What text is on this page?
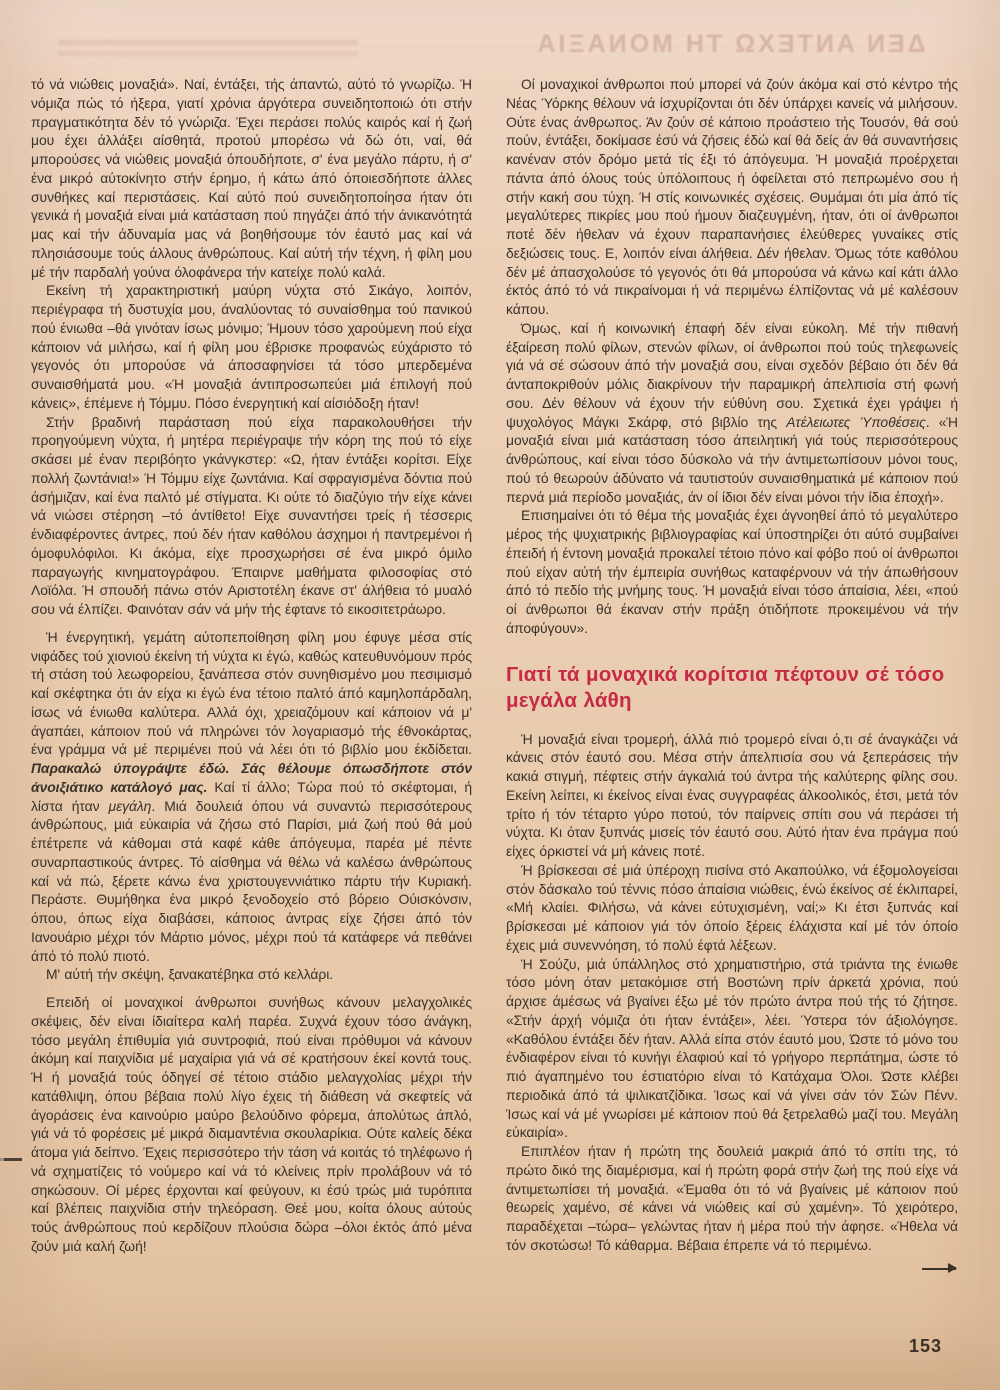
ΔΕΝ ΑΝΤΕΧΩ ΤΗ ΜΟΝΑΞΙΑ

τό νά νιώθεις μοναξιά». Ναί, έντάξει, τής άπαντώ, αύτό τό γνωρίζω. Ή νόμιζα πώς τό ήξερα, γιατί χρόνια άργότερα συνειδητοποιώ ότι στήν πραγματικότητα δέν τό γνώριζα. Έχει περάσει πολύς καιρός καί ή ζωή μου έχει άλλάξει αίσθητά, προτού μπορέσω νά δώ ότι, ναί, θά μπορούσες νά νιώθεις μοναξιά όπουδήποτε, σ' ένα μεγάλο πάρτυ, ή σ' ένα μικρό αύτοκίνητο στήν έρημο, ή κάτω άπό όποιεσδήποτε άλλες συνθήκες καί περιστάσεις. Καί αύτό πού συνειδητοποίησα ήταν ότι γενικά ή μοναξιά είναι μιά κατάσταση πού πηγάζει άπό τήν άνικανότητά μας καί τήν άδυναμία μας νά βοηθήσουμε τόν έαυτό μας καί νά πλησιάσουμε τούς άλλους άνθρώπους. Καί αύτή τήν τέχνη, ή φίλη μου μέ τήν παρδαλή γούνα όλοφάνερα τήν κατείχε πολύ καλά.

Εκείνη τή χαρακτηριστική μαύρη νύχτα στό Σικάγο, λοιπόν, περιέγραφα τή δυστυχία μου, άναλύοντας τό συναίσθημα τού πανικού πού ένιωθα –θά γινόταν ίσως μόνιμο; Ήμουν τόσο χαρούμενη πού είχα κάποιον νά μιλήσω, καί ή φίλη μου έβρισκε προφανώς εύχάριστο τό γεγονός ότι μπορούσε νά άποσαφηνίσει τά τόσο μπερδεμένα συναισθήματά μου. «Ή μοναξιά άντιπροσωπεύει μιά έπιλογή πού κάνεις», έπέμενε ή Τόμμυ. Πόσο ένεργητική καί αίσιόδοξη ήταν!

Στήν βραδινή παράσταση πού είχα παρακολουθήσει τήν προηγούμενη νύχτα, ή μητέρα περιέγραψε τήν κόρη της πού τό είχε σκάσει μέ έναν περιβόητο γκάνγκστερ: «Ω, ήταν έντάξει κορίτσι. Είχε πολλή ζωντάνια!» Ή Τόμμυ είχε ζωντάνια. Καί σφραγισμένα δόντια πού άσήμιζαν, καί ένα παλτό μέ στίγματα. Κι ούτε τό διαζύγιο τήν είχε κάνει νά νιώσει στέρηση –τό άντίθετο! Είχε συναντήσει τρείς ή τέσσερις ένδιαφέροντες άντρες, πού δέν ήταν καθόλου άσχημοι ή παντρεμένοι ή όμοφυλόφιλοι. Κι άκόμα, είχε προσχωρήσει σέ ένα μικρό όμιλο παραγωγής κινηματογράφου. Έπαιρνε μαθήματα φιλοσοφίας στό Λοϊόλα. Ή σπουδή πάνω στόν Αριστοτέλη έκανε στ' άλήθεια τό μυαλό σου νά έλπίζει. Φαινόταν σάν νά μήν τής έφτανε τό εικοσιτετράωρο.

Ή ένεργητική, γεμάτη αύτοπεποίθηση φίλη μου έφυγε μέσα στίς νιφάδες τού χιονιού έκείνη τή νύχτα κι έγώ, καθώς κατευθυνόμουν πρός τή στάση τού λεωφορείου, ξανάπεσα στόν συνηθισμένο μου πεσιμισμό καί σκέφτηκα ότι άν είχα κι έγώ ένα τέτοιο παλτό άπό καμηλοπάρδαλη, ίσως νά ένιωθα καλύτερα. Αλλά όχι, χρειαζόμουν καί κάποιον νά μ' άγαπάει, κάποιον πού νά πληρώνει τόν λογαριασμό τής έθνοκάρτας, ένα γράμμα νά μέ περιμένει πού νά λέει ότι τό βιβλίο μου έκδίδεται. Παρακαλώ ύπογράψτε έδώ. Σάς θέλουμε όπωσδήποτε στόν άνοιξιάτικο κατάλογό μας. Καί τί άλλο; Τώρα πού τό σκέφτομαι, ή λίστα ήταν μεγάλη. Μιά δουλειά όπου νά συναντώ περισσότερους άνθρώπους, μιά εύκαιρία νά ζήσω στό Παρίσι, μιά ζωή πού θά μού έπέτρεπε νά κάθομαι στά καφέ κάθε άπόγευμα, παρέα μέ πέντε συναρπαστικούς άντρες. Τό αίσθημα νά θέλω νά καλέσω άνθρώπους καί νά πώ, ξέρετε κάνω ένα χριστουγεννιάτικο πάρτυ τήν Κυριακή. Περάστε. Θυμήθηκα ένα μικρό ξενοδοχείο στό βόρειο Ούισκόνσιν, όπου, όπως είχα διαβάσει, κάποιος άντρας είχε ζήσει άπό τόν Ιανουάριο μέχρι τόν Μάρτιο μόνος, μέχρι πού τά κατάφερε νά πεθάνει άπό τό πολύ πιοτό.

Μ' αύτή τήν σκέψη, ξανακατέβηκα στό κελλάρι.

Επειδή οί μοναχικοί άνθρωποι συνήθως κάνουν μελαγχολικές σκέψεις, δέν είναι ίδιαίτερα καλή παρέα. Συχνά έχουν τόσο άνάγκη, τόσο μεγάλη έπιθυμία γιά συντροφιά, πού είναι πρόθυμοι νά κάνουν άκόμη καί παιχνίδια μέ μαχαίρια γιά νά σέ κρατήσουν έκεί κοντά τους. Ή ή μοναξιά τούς όδηγεί σέ τέτοιο στάδιο μελαγχολίας μέχρι τήν κατάθλιψη, όπου βέβαια πολύ λίγο έχεις τή διάθεση νά σκεφτείς νά άγοράσεις ένα καινούριο μαύρο βελούδινο φόρεμα, άπολύτως άπλό, γιά νά τό φορέσεις μέ μικρά διαμαντένια σκουλαρίκια. Ούτε καλείς δέκα άτομα γιά δείπνο. Έχεις περισσότερο τήν τάση νά κοιτάς τό τηλέφωνο ή νά σχηματίζεις τό νούμερο καί νά τό κλείνεις πρίν προλάβουν νά τό σηκώσουν. Οί μέρες έρχονται καί φεύγουν, κι έσύ τρώς μιά τυρόπιτα καί βλέπεις παιχνίδια στήν τηλεόραση. Θεέ μου, κοίτα όλους αύτούς τούς άνθρώπους πού κερδίζουν πλούσια δώρα –όλοι έκτός άπό μένα ζούν μιά καλή ζωή!

Οί μοναχικοί άνθρωποι πού μπορεί νά ζούν άκόμα καί στό κέντρο τής Νέας Ύόρκης θέλουν νά ίσχυρίζονται ότι δέν ύπάρχει κανείς νά μιλήσουν. Ούτε ένας άνθρωπος. Άν ζούν σέ κάποιο προάστειο τής Τουσόν, θά σού πούν, έντάξει, δοκίμασε έσύ νά ζήσεις έδώ καί θά δείς άν θά συναντήσεις κανέναν στόν δρόμο μετά τίς έξι τό άπόγευμα. Ή μοναξιά προέρχεται πάντα άπό όλους τούς ύπόλοιπους ή όφείλεται στό πεπρωμένο σου ή στήν κακή σου τύχη. Ή στίς κοινωνικές σχέσεις. Θυμάμαι ότι μία άπό τίς μεγαλύτερες πικρίες μου πού ήμουν διαζευγμένη, ήταν, ότι οί άνθρωποι ποτέ δέν ήθελαν νά έχουν παραπανήσιες έλεύθερες γυναίκες στίς δεξιώσεις τους. Ε, λοιπόν είναι άλήθεια. Δέν ήθελαν. Όμως τότε καθόλου δέν μέ άπασχολούσε τό γεγονός ότι θά μπορούσα νά κάνω καί κάτι άλλο έκτός άπό τό νά πικραίνομαι ή νά περιμένω έλπίζοντας νά μέ καλέσουν κάπου.

Όμως, καί ή κοινωνική έπαφή δέν είναι εύκολη. Μέ τήν πιθανή έξαίρεση πολύ φίλων, στενών φίλων, οί άνθρωποι πού τούς τηλεφωνείς γιά νά σέ σώσουν άπό τήν μοναξιά σου, είναι σχεδόν βέβαιο ότι δέν θά άνταποκριθούν μόλις διακρίνουν τήν παραμικρή άπελπισία στή φωνή σου. Δέν θέλουν νά έχουν τήν εύθύνη σου. Σχετικά έχει γράψει ή ψυχολόγος Μάγκι Σκάρφ, στό βιβλίο της Ατέλειωτες Ύποθέσεις. «Ή μοναξιά είναι μιά κατάσταση τόσο άπειλητική γιά τούς περισσότερους άνθρώπους, καί είναι τόσο δύσκολο νά τήν άντιμετωπίσουν μόνοι τους, πού τό θεωρούν άδύνατο νά ταυτιστούν συναισθηματικά μέ κάποιον πού περνά μιά περίοδο μοναξιάς, άν οί ίδιοι δέν είναι μόνοι τήν ίδια έποχή».

Επισημαίνει ότι τό θέμα τής μοναξιάς έχει άγνοηθεί άπό τό μεγαλύτερο μέρος τής ψυχιατρικής βιβλιογραφίας καί ύποστηρίζει ότι αύτό συμβαίνει έπειδή ή έντονη μοναξιά προκαλεί τέτοιο πόνο καί φόβο πού οί άνθρωποι πού είχαν αύτή τήν έμπειρία συνήθως καταφέρνουν νά τήν άπωθήσουν άπό τό πεδίο τής μνήμης τους. Ή μοναξιά είναι τόσο άπαίσια, λέει, «πού οί άνθρωποι θά έκαναν στήν πράξη ότιδήποτε προκειμένου νά τήν άποφύγουν».

Γιατί τά μοναχικά κορίτσια πέφτουν σέ τόσο μεγάλα λάθη

Ή μοναξιά είναι τρομερή, άλλά πιό τρομερό είναι ό,τι σέ άναγκάζει νά κάνεις στόν έαυτό σου. Μέσα στήν άπελπισία σου νά ξεπεράσεις τήν κακιά στιγμή, πέφτεις στήν άγκαλιά τού άντρα τής καλύτερης φίλης σου. Εκείνη λείπει, κι έκείνος είναι ένας συγγραφέας άλκοολικός, έτσι, μετά τόν τρίτο ή τόν τέταρτο γύρο ποτού, τόν παίρνεις σπίτι σου νά περάσει τή νύχτα. Κι όταν ξυπνάς μισείς τόν έαυτό σου. Αύτό ήταν ένα πράγμα πού είχες όρκιστεί νά μή κάνεις ποτέ.

Ή βρίσκεσαι σέ μιά ύπέροχη πισίνα στό Ακαπούλκο, νά έξομολογείσαι στόν δάσκαλο τού τέννις πόσο άπαίσια νιώθεις, ένώ έκείνος σέ έκλιπαρεί, «Μή κλαίει. Φιλήσω, νά κάνει εύτυχισμένη, ναί;» Κι έτσι ξυπνάς καί βρίσκεσαι μέ κάποιον γιά τόν όποίο ξέρεις έλάχιστα καί μέ τόν όποίο έχεις μιά συνεννόηση, τό πολύ έφτά λέξεων.

Ή Σούζυ, μιά ύπάλληλος στό χρηματιστήριο, στά τριάντα της ένιωθε τόσο μόνη όταν μετακόμισε στή Βοστώνη πρίν άρκετά χρόνια, πού άρχισε άμέσως νά βγαίνει έξω μέ τόν πρώτο άντρα πού τής τό ζήτησε. «Στήν άρχή νόμιζα ότι ήταν έντάξει», λέει. Ύστερα τόν άξιολόγησε. «Καθόλου έντάξει δέν ήταν. Αλλά είπα στόν έαυτό μου, Ώστε τό μόνο του ένδιαφέρον είναι τό κυνήγι έλαφιού καί τό γρήγορο περπάτημα, ώστε τό πιό άγαπημένο του έστιατόριο είναι τό Κατάχαμα Όλοι. Ώστε κλέβει περιοδικά άπό τά ψιλικατζίδικα. Ίσως καί νά γίνει σάν τόν Σών Πένν. Ίσως καί νά μέ γνωρίσει μέ κάποιον πού θά ξετρελαθώ μαζί του. Μεγάλη εύκαιρία».

Επιπλέον ήταν ή πρώτη της δουλειά μακριά άπό τό σπίτι της, τό πρώτο δικό της διαμέρισμα, καί ή πρώτη φορά στήν ζωή της πού είχε νά άντιμετωπίσει τή μοναξιά. «Έμαθα ότι τό νά βγαίνεις μέ κάποιον πού θεωρείς χαμένο, σέ κάνει νά νιώθεις καί σύ χαμένη». Τό χειρότερο, παραδέχεται –τώρα– γελώντας ήταν ή μέρα πού τήν άφησε. «Ήθελα νά τόν σκοτώσω! Τό κάθαρμα. Βέβαια έπρεπε νά τό περιμένω.

153
